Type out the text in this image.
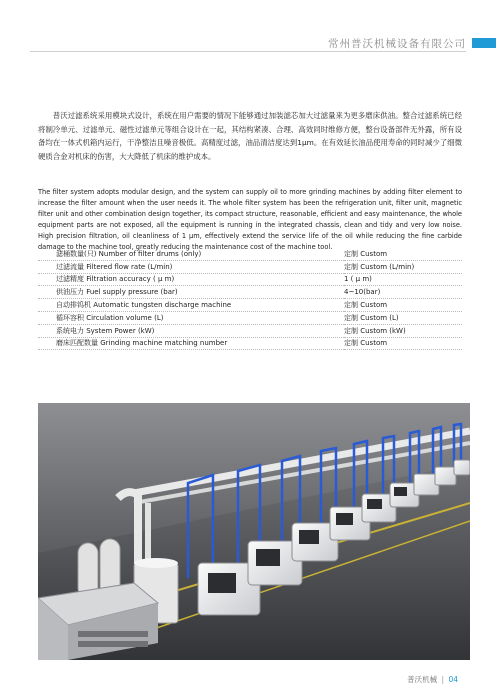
常州普沃机械设备有限公司

普沃过滤系统采用模块式设计，系统在用户需要的情况下能够通过加装滤芯加大过滤量来为更多磨床供油。整合过滤系统已经将制冷单元、过滤单元、磁性过滤单元等组合设计在一起，其结构紧凑、合理、高效同时维修方便，整台设备部件无外露，所有设备均在一体式机箱内运行，干净整洁且噪音极低。高精度过滤，油品清洁度达到1μm。在有效延长油品使用寿命的同时减少了细微硬质合金对机床的伤害，大大降低了机床的维护成本。

The filter system adopts modular design, and the system can supply oil to more grinding machines by adding filter element to increase the filter amount when the user needs it. The whole filter system has been the refrigeration unit, filter unit, magnetic filter unit and other combination design together, its compact structure, reasonable, efficient and easy maintenance, the whole equipment parts are not exposed, all the equipment is running in the integrated chassis, clean and tidy and very low noise. High precision filtration, oil cleanliness of 1 μm, effectively extend the service life of the oil while reducing the fine carbide damage to the machine tool, greatly reducing the maintenance cost of the machine tool.

滤桶数量(只) Number of filter drums (only)	定制 Custom
过滤流量 Filtered flow rate (L/min)	定制 Custom (L/min)
过滤精度 Filtration accuracy ( μ m)	1 ( μ m)
供油压力 Fuel supply pressure (bar)	4~10(bar)
自动排钨机 Automatic tungsten discharge machine	定制 Custom
循环容积 Circulation volume (L)	定制 Custom (L)
系统电力 System Power (kW)	定制 Custom (kW)
磨床匹配数量 Grinding machine matching number	定制 Custom
普沃机械 | 04
